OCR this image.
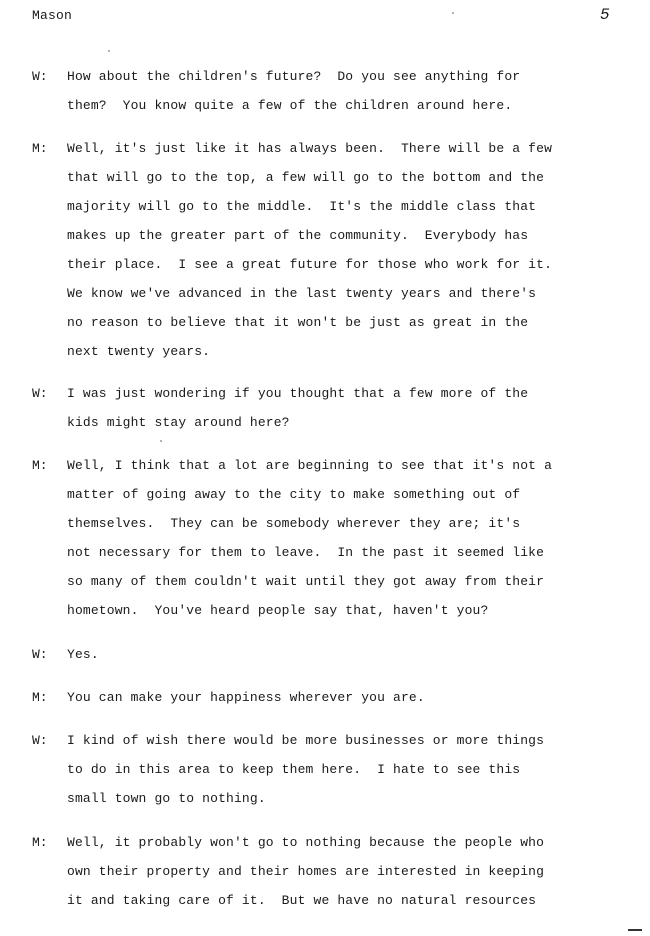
Mason	5
W: How about the children's future?  Do you see anything for
them?  You know quite a few of the children around here.
M: Well, it's just like it has always been.  There will be a few
that will go to the top, a few will go to the bottom and the
majority will go to the middle.  It's the middle class that
makes up the greater part of the community.  Everybody has
their place.  I see a great future for those who work for it.
We know we've advanced in the last twenty years and there's
no reason to believe that it won't be just as great in the
next twenty years.
W: I was just wondering if you thought that a few more of the
kids might stay around here?
M: Well, I think that a lot are beginning to see that it's not a
matter of going away to the city to make something out of
themselves.  They can be somebody wherever they are; it's
not necessary for them to leave.  In the past it seemed like
so many of them couldn't wait until they got away from their
hometown.  You've heard people say that, haven't you?
W: Yes.
M: You can make your happiness wherever you are.
W: I kind of wish there would be more businesses or more things
to do in this area to keep them here.  I hate to see this
small town go to nothing.
M: Well, it probably won't go to nothing because the people who
own their property and their homes are interested in keeping
it and taking care of it.  But we have no natural resources
